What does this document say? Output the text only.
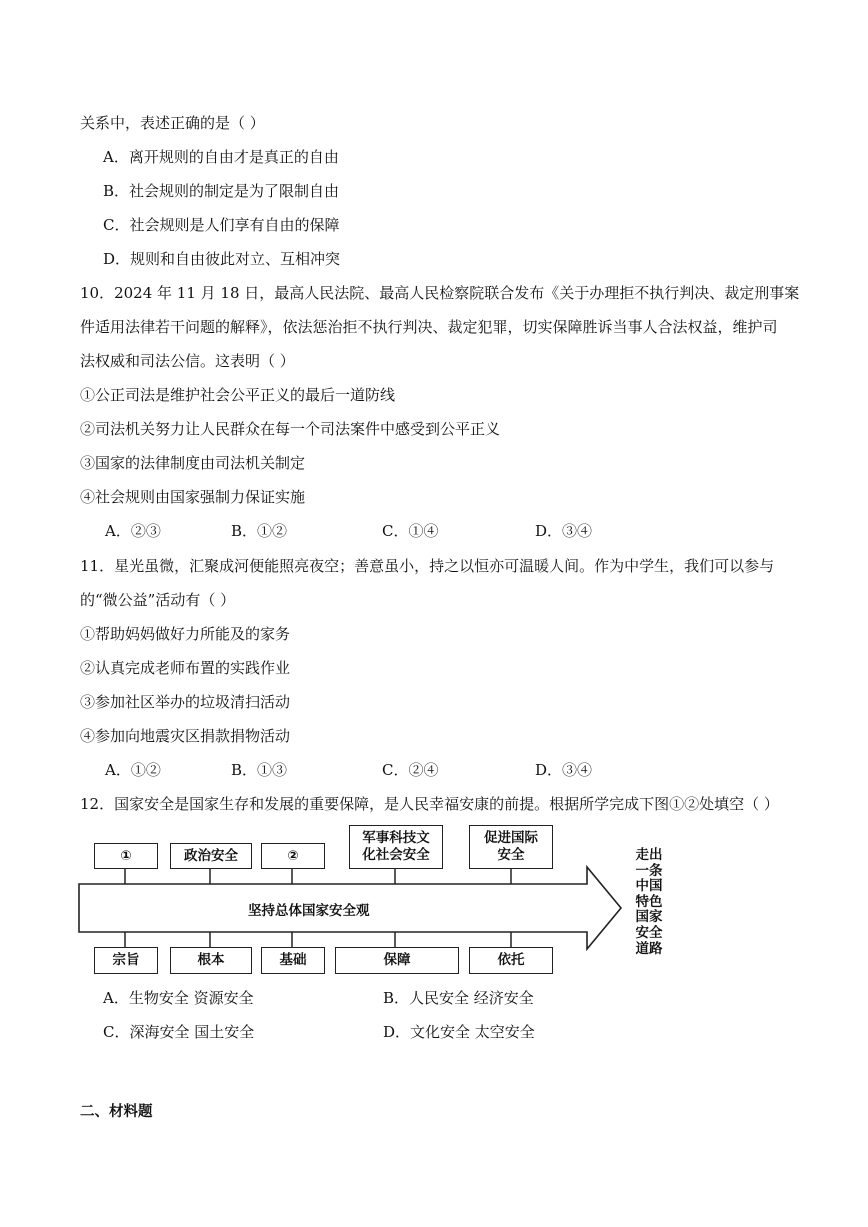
关系中，表述正确的是（ ）
A．离开规则的自由才是真正的自由
B．社会规则的制定是为了限制自由
C．社会规则是人们享有自由的保障
D．规则和自由彼此对立、互相冲突
10．2024 年 11 月 18 日，最高人民法院、最高人民检察院联合发布《关于办理拒不执行判决、裁定刑事案
件适用法律若干问题的解释》，依法惩治拒不执行判决、裁定犯罪，切实保障胜诉当事人合法权益，维护司
法权威和司法公信。这表明（ ）
①公正司法是维护社会公平正义的最后一道防线
②司法机关努力让人民群众在每一个司法案件中感受到公平正义
③国家的法律制度由司法机关制定
④社会规则由国家强制力保证实施
A．②③	B．①②	C．①④	D．③④
11．星光虽微，汇聚成河便能照亮夜空；善意虽小，持之以恒亦可温暖人间。作为中学生，我们可以参与
的“微公益”活动有（ ）
①帮助妈妈做好力所能及的家务
②认真完成老师布置的实践作业
③参加社区举办的垃圾清扫活动
④参加向地震灾区捐款捐物活动
A．①②	B．①③	C．②④	D．③④
12．国家安全是国家生存和发展的重要保障，是人民幸福安康的前提。根据所学完成下图①②处填空（ ）
①	政治安全	②
军事科技文化社会安全
促进国际安全
宗旨	根本	基础	保障	依托
坚持总体国家安全观
走出
一条
中国
特色
国家
安全
道路
A．生物安全 资源安全	B．人民安全 经济安全
C．深海安全 国土安全	D．文化安全 太空安全
二、材料题
